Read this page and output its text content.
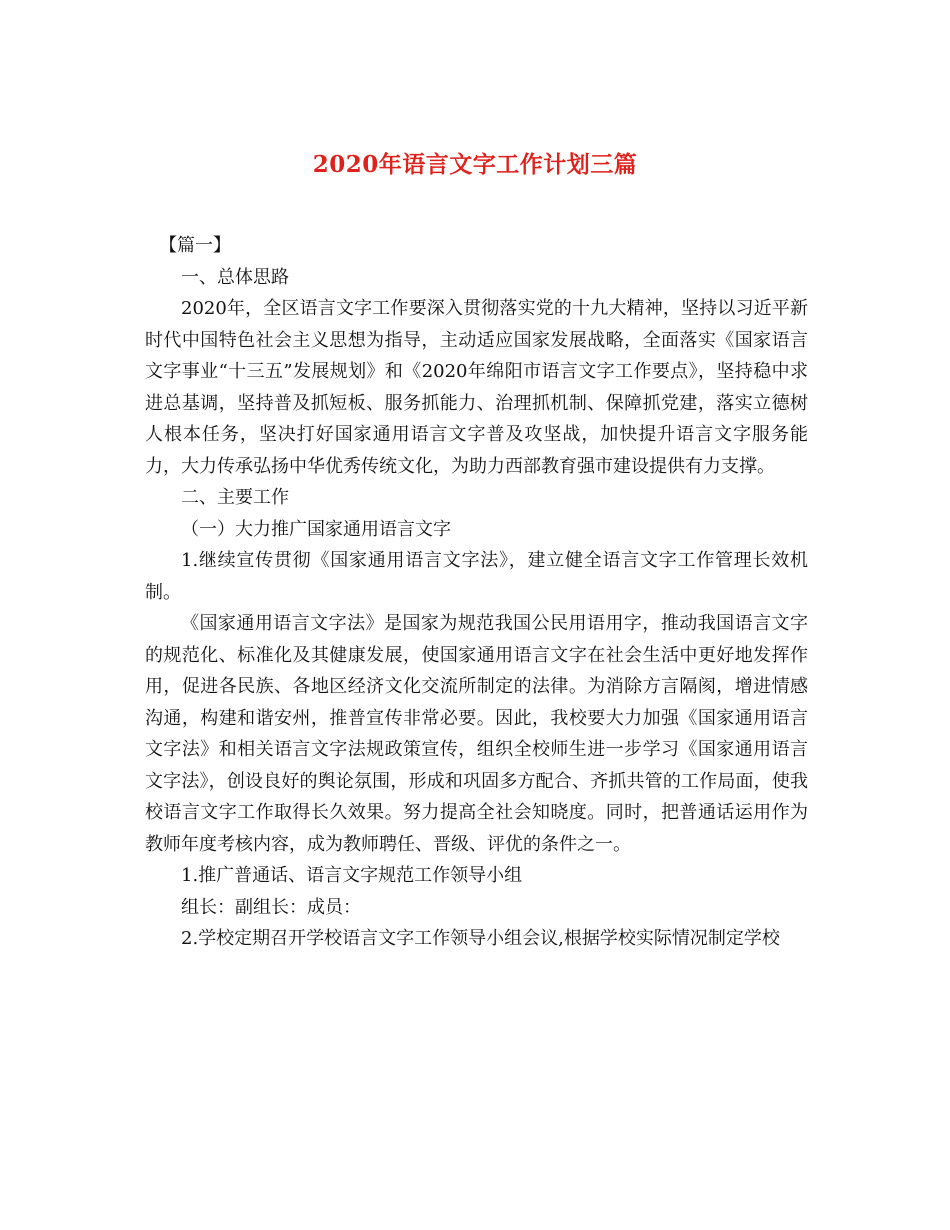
2020年语言文字工作计划三篇

【篇一】

一、总体思路

2020年，全区语言文字工作要深入贯彻落实党的十九大精神，坚持以习近平新时代中国特色社会主义思想为指导，主动适应国家发展战略，全面落实《国家语言文字事业“十三五”发展规划》和《2020年绵阳市语言文字工作要点》，坚持稳中求进总基调，坚持普及抓短板、服务抓能力、治理抓机制、保障抓党建，落实立德树人根本任务，坚决打好国家通用语言文字普及攻坚战，加快提升语言文字服务能力，大力传承弘扬中华优秀传统文化，为助力西部教育强市建设提供有力支撑。

二、主要工作

（一）大力推广国家通用语言文字

1.继续宣传贯彻《国家通用语言文字法》，建立健全语言文字工作管理长效机制。

《国家通用语言文字法》是国家为规范我国公民用语用字，推动我国语言文字的规范化、标准化及其健康发展，使国家通用语言文字在社会生活中更好地发挥作用，促进各民族、各地区经济文化交流所制定的法律。为消除方言隔阂，增进情感沟通，构建和谐安州，推普宣传非常必要。因此，我校要大力加强《国家通用语言文字法》和相关语言文字法规政策宣传，组织全校师生进一步学习《国家通用语言文字法》，创设良好的舆论氛围，形成和巩固多方配合、齐抓共管的工作局面，使我校语言文字工作取得长久效果。努力提高全社会知晓度。同时，把普通话运用作为教师年度考核内容，成为教师聘任、晋级、评优的条件之一。

1.推广普通话、语言文字规范工作领导小组

组长：副组长：成员：

2.学校定期召开学校语言文字工作领导小组会议,根据学校实际情况制定学校
